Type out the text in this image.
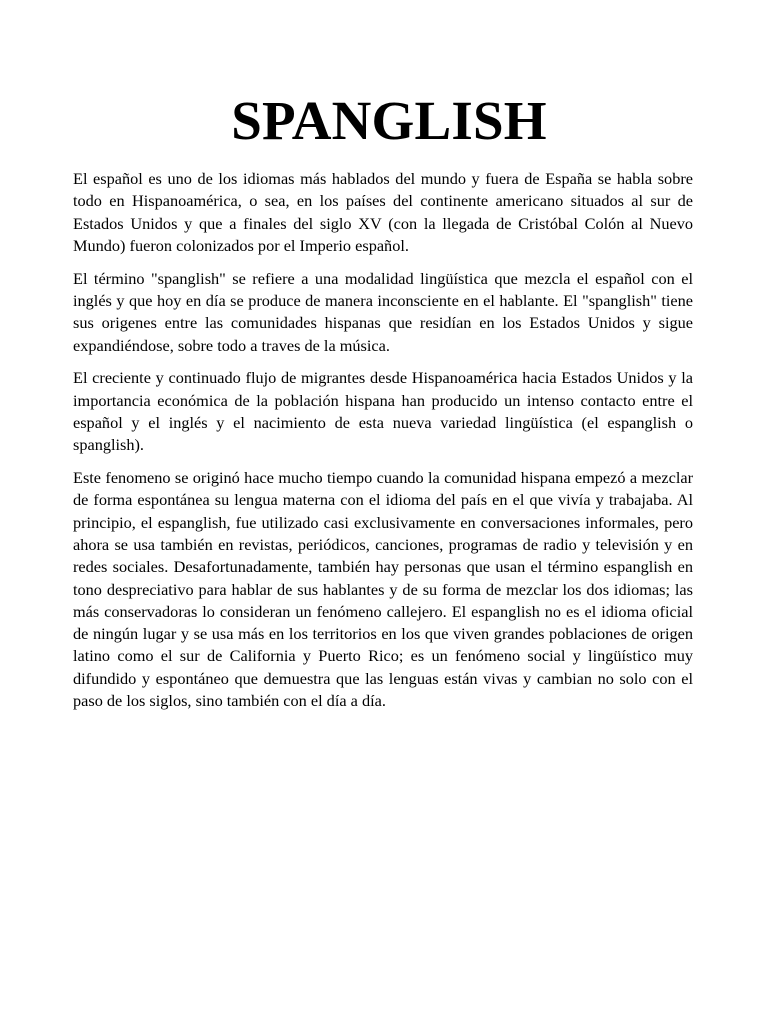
SPANGLISH

El español es uno de los idiomas más hablados del mundo y fuera de España se habla sobre todo en Hispanoamérica, o sea, en los países del continente americano situados al sur de Estados Unidos y que a finales del siglo XV (con la llegada de Cristóbal Colón al Nuevo Mundo) fueron colonizados por el Imperio español.

El término "spanglish" se refiere a una modalidad lingüística que mezcla el español con el inglés y que hoy en día se produce de manera inconsciente en el hablante. El "spanglish" tiene sus origenes entre las comunidades hispanas que residían en los Estados Unidos y sigue expandiéndose, sobre todo a traves de la música.

El creciente y continuado flujo de migrantes desde Hispanoamérica hacia Estados Unidos y la importancia económica de la población hispana han producido un intenso contacto entre el español y el inglés y el nacimiento de esta nueva variedad lingüística (el espanglish o spanglish).

Este fenomeno se originó hace mucho tiempo cuando la comunidad hispana empezó a mezclar de forma espontánea su lengua materna con el idioma del país en el que vivía y trabajaba. Al principio, el espanglish, fue utilizado casi exclusivamente en conversaciones informales, pero ahora se usa también en revistas, periódicos, canciones, programas de radio y televisión y en redes sociales. Desafortunadamente, también hay personas que usan el término espanglish en tono despreciativo para hablar de sus hablantes y de su forma de mezclar los dos idiomas; las más conservadoras lo consideran un fenómeno callejero. El espanglish no es el idioma oficial de ningún lugar y se usa más en los territorios en los que viven grandes poblaciones de origen latino como el sur de California y Puerto Rico; es un fenómeno social y lingüístico muy difundido y espontáneo que demuestra que las lenguas están vivas y cambian no solo con el paso de los siglos, sino también con el día a día.
